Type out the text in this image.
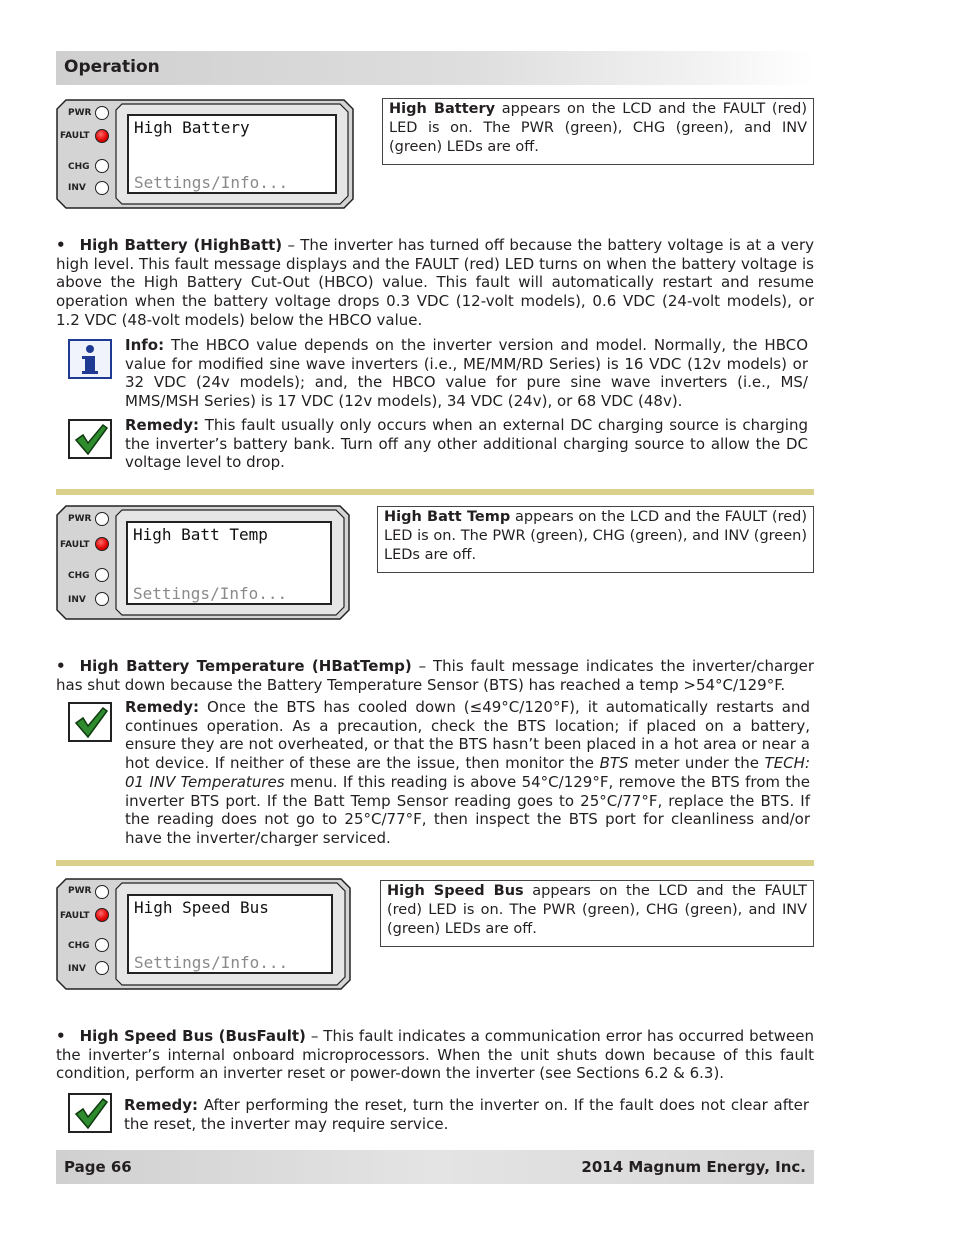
Operation
High Battery
Settings/Info...
PWR
FAULT
CHG
INV
High Battery appears on the LCD and the FAULT (red) LED is on. The PWR (green), CHG (green), and INV (green) LEDs are off.
• High Battery (HighBatt) – The inverter has turned off because the battery voltage is at a very high level. This fault message displays and the FAULT (red) LED turns on when the battery voltage is above the High Battery Cut-Out (HBCO) value. This fault will automatically restart and resume operation when the battery voltage drops 0.3 VDC (12-volt models), 0.6 VDC (24-volt models), or 1.2 VDC (48-volt models) below the HBCO value.
Info: The HBCO value depends on the inverter version and model. Normally, the HBCO value for modified sine wave inverters (i.e., ME/MM/RD Series) is 16 VDC (12v models) or 32 VDC (24v models); and, the HBCO value for pure sine wave inverters (i.e., MS/ MMS/MSH Series) is 17 VDC (12v models), 34 VDC (24v), or 68 VDC (48v).
Remedy: This fault usually only occurs when an external DC charging source is charging the inverter’s battery bank. Turn off any other additional charging source to allow the DC voltage level to drop.
High Batt Temp
Settings/Info...
PWR
FAULT
CHG
INV
High Batt Temp appears on the LCD and the FAULT (red) LED is on. The PWR (green), CHG (green), and INV (green) LEDs are off.
• High Battery Temperature (HBatTemp) – This fault message indicates the inverter/charger has shut down because the Battery Temperature Sensor (BTS) has reached a temp >54°C/129°F.
Remedy: Once the BTS has cooled down (≤49°C/120°F), it automatically restarts and continues operation. As a precaution, check the BTS location; if placed on a battery, ensure they are not overheated, or that the BTS hasn’t been placed in a hot area or near a hot device. If neither of these are the issue, then monitor the BTS meter under the TECH: 01 INV Temperatures menu. If this reading is above 54°C/129°F, remove the BTS from the inverter BTS port. If the Batt Temp Sensor reading goes to 25°C/77°F, replace the BTS. If the reading does not go to 25°C/77°F, then inspect the BTS port for cleanliness and/or have the inverter/charger serviced.
High Speed Bus
Settings/Info...
PWR
FAULT
CHG
INV
High Speed Bus appears on the LCD and the FAULT (red) LED is on. The PWR (green), CHG (green), and INV (green) LEDs are off.
• High Speed Bus (BusFault) – This fault indicates a communication error has occurred between the inverter’s internal onboard microprocessors. When the unit shuts down because of this fault condition, perform an inverter reset or power-down the inverter (see Sections 6.2 & 6.3).
Remedy: After performing the reset, turn the inverter on. If the fault does not clear after the reset, the inverter may require service.
Page 66	2014 Magnum Energy, Inc.
